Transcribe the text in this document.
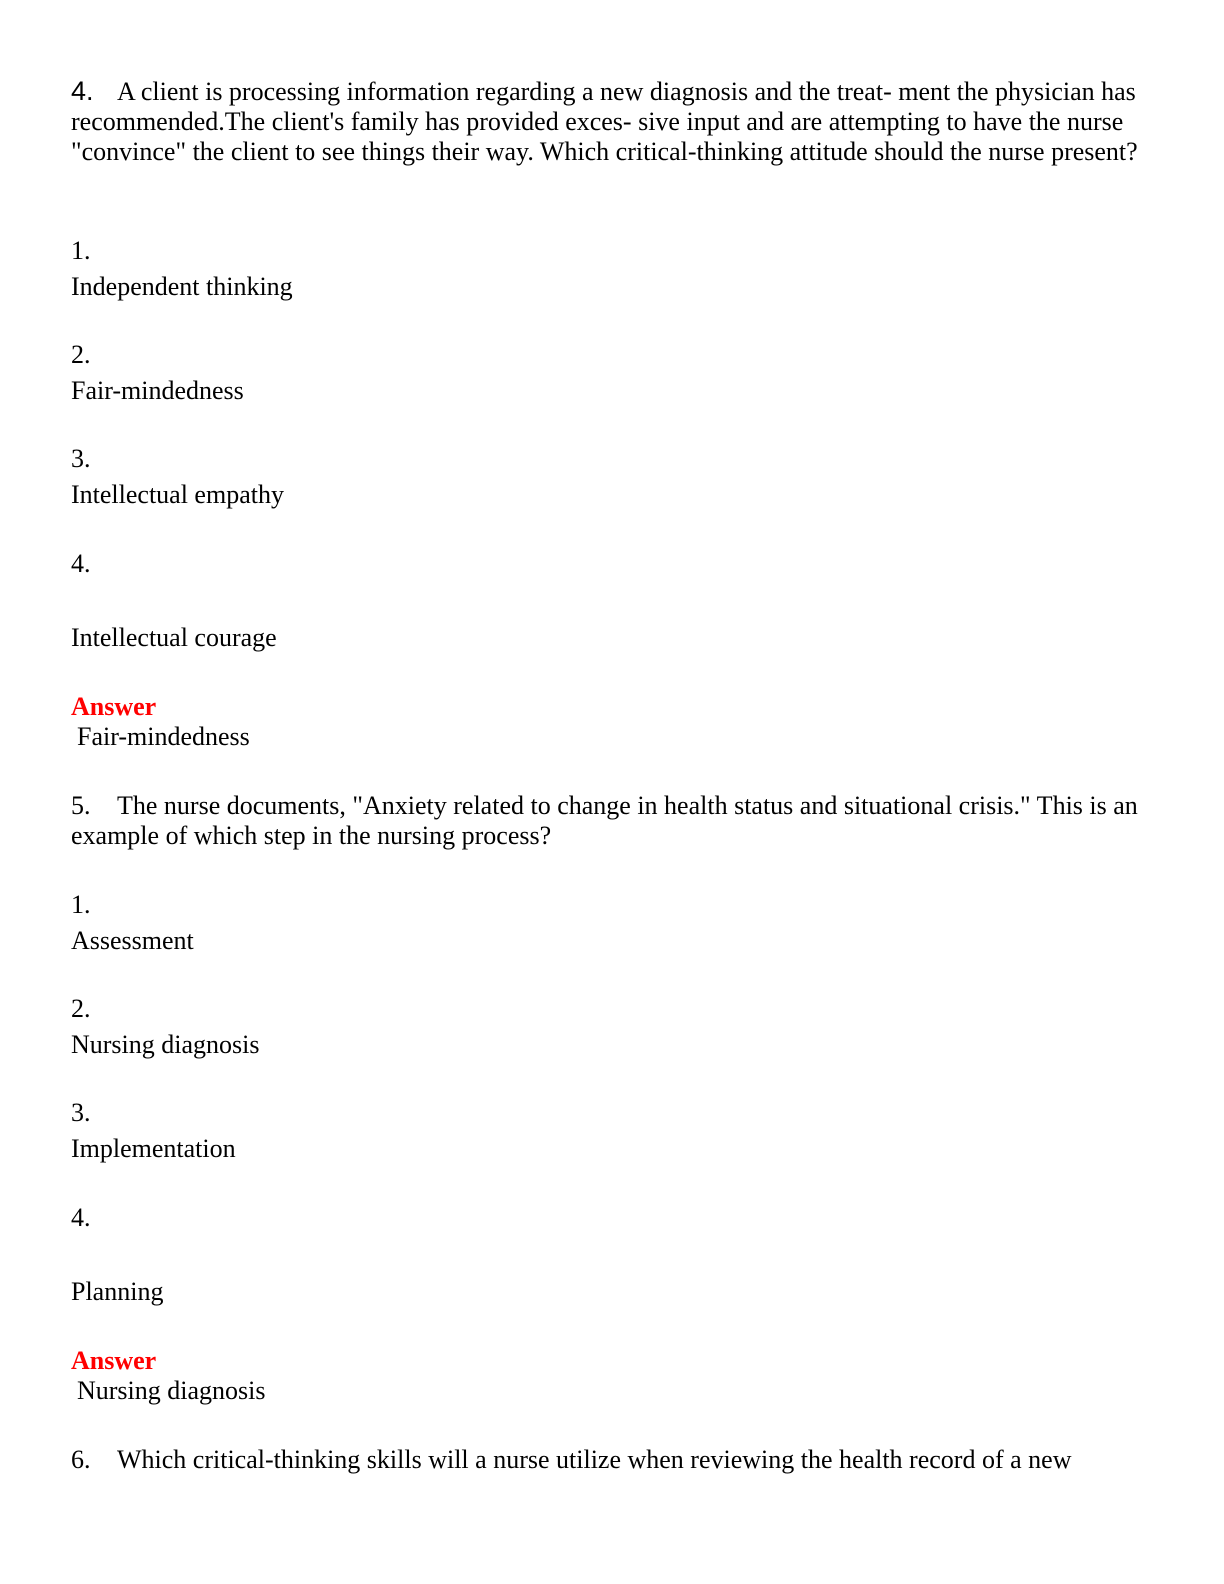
4. A client is processing information regarding a new diagnosis and the treat- ment the physician has recommended.The client's family has provided exces- sive input and are attempting to have the nurse "convince" the client to see things their way. Which critical-thinking attitude should the nurse present?

1.

Independent thinking

2.

Fair-mindedness

3.

Intellectual empathy

4.

Intellectual courage

Answer

Fair-mindedness

5. The nurse documents, "Anxiety related to change in health status and situational crisis." This is an example of which step in the nursing process?

1.

Assessment

2.

Nursing diagnosis

3.

Implementation

4.

Planning

Answer

Nursing diagnosis

6. Which critical-thinking skills will a nurse utilize when reviewing the health record of a new
